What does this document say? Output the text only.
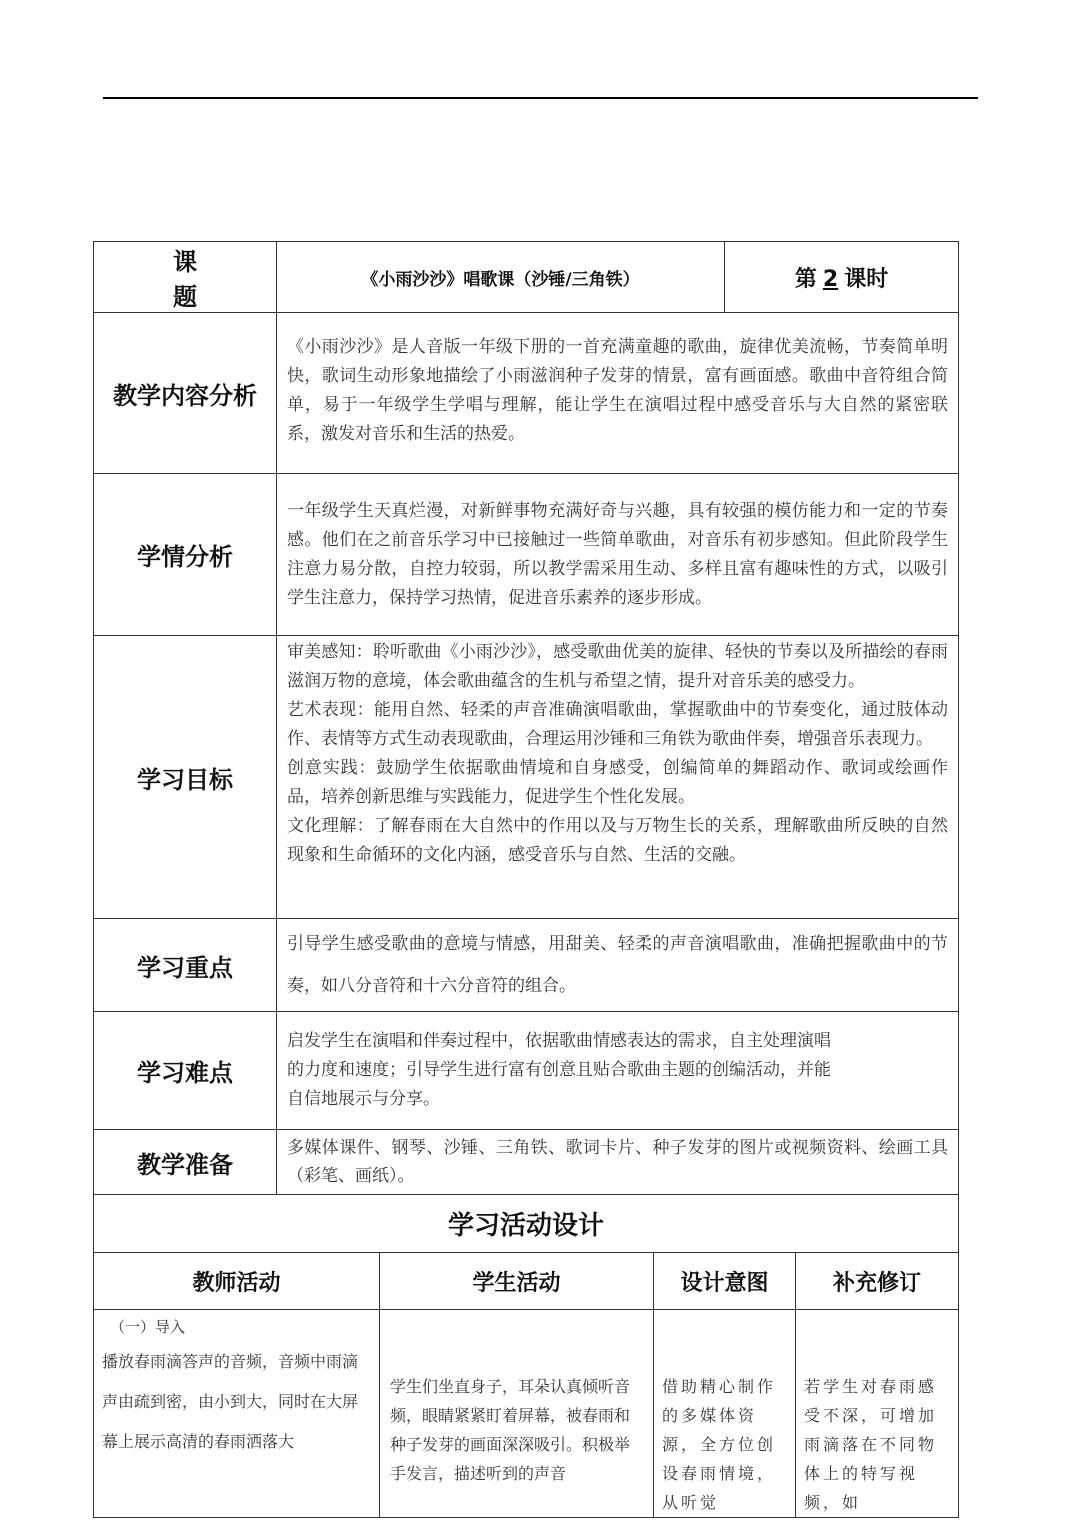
课题	《小雨沙沙》唱歌课（沙锤/三角铁）			第 2 课时	
教学内容分析	《小雨沙沙》是人音版一年级下册的一首充满童趣的歌曲，旋律优美流畅，节奏简单明快，歌词生动形象地描绘了小雨滋润种子发芽的情景，富有画面感。歌曲中音符组合简单，易于一年级学生学唱与理解，能让学生在演唱过程中感受音乐与大自然的紧密联系，激发对音乐和生活的热爱。				
学情分析	一年级学生天真烂漫，对新鲜事物充满好奇与兴趣，具有较强的模仿能力和一定的节奏感。他们在之前音乐学习中已接触过一些简单歌曲，对音乐有初步感知。但此阶段学生注意力易分散，自控力较弱，所以教学需采用生动、多样且富有趣味性的方式，以吸引学生注意力，保持学习热情，促进音乐素养的逐步形成。				
学习目标	审美感知：聆听歌曲《小雨沙沙》，感受歌曲优美的旋律、轻快的节奏以及所描绘的春雨滋润万物的意境，体会歌曲蕴含的生机与希望之情，提升对音乐美的感受力。
艺术表现：能用自然、轻柔的声音准确演唱歌曲，掌握歌曲中的节奏变化，通过肢体动作、表情等方式生动表现歌曲，合理运用沙锤和三角铁为歌曲伴奏，增强音乐表现力。
创意实践：鼓励学生依据歌曲情境和自身感受，创编简单的舞蹈动作、歌词或绘画作品，培养创新思维与实践能力，促进学生个性化发展。
文化理解：了解春雨在大自然中的作用以及与万物生长的关系，理解歌曲所反映的自然现象和生命循环的文化内涵，感受音乐与自然、生活的交融。				

学习重点	引导学生感受歌曲的意境与情感，用甜美、轻柔的声音演唱歌曲，准确把握歌曲中的节奏，如八分音符和十六分音符的组合。				
学习难点	启发学生在演唱和伴奏过程中，依据歌曲情感表达的需求，自主处理演唱
的力度和速度；引导学生进行富有创意且贴合歌曲主题的创编活动，并能
自信地展示与分享。				

教学准备	多媒体课件、钢琴、沙锤、三角铁、歌词卡片、种子发芽的图片或视频资料、绘画工具（彩笔、画纸）。				
学习活动设计					
教师活动		学生活动	设计意图		补充修订

（一）导入
播放春雨滴答声的音频，音频中雨滴声由疏到密，由小到大，同时在大屏幕上展示高清的春雨洒落大		学生们坐直身子，耳朵认真倾听音频，眼睛紧紧盯着屏幕，被春雨和种子发芽的画面深深吸引。积极举手发言，描述听到的声音	借助精心制作的多媒体资源，全方位创设春雨情境，从听觉		若学生对春雨感受不深，可增加雨滴落在不同物体上的特写视频，如
